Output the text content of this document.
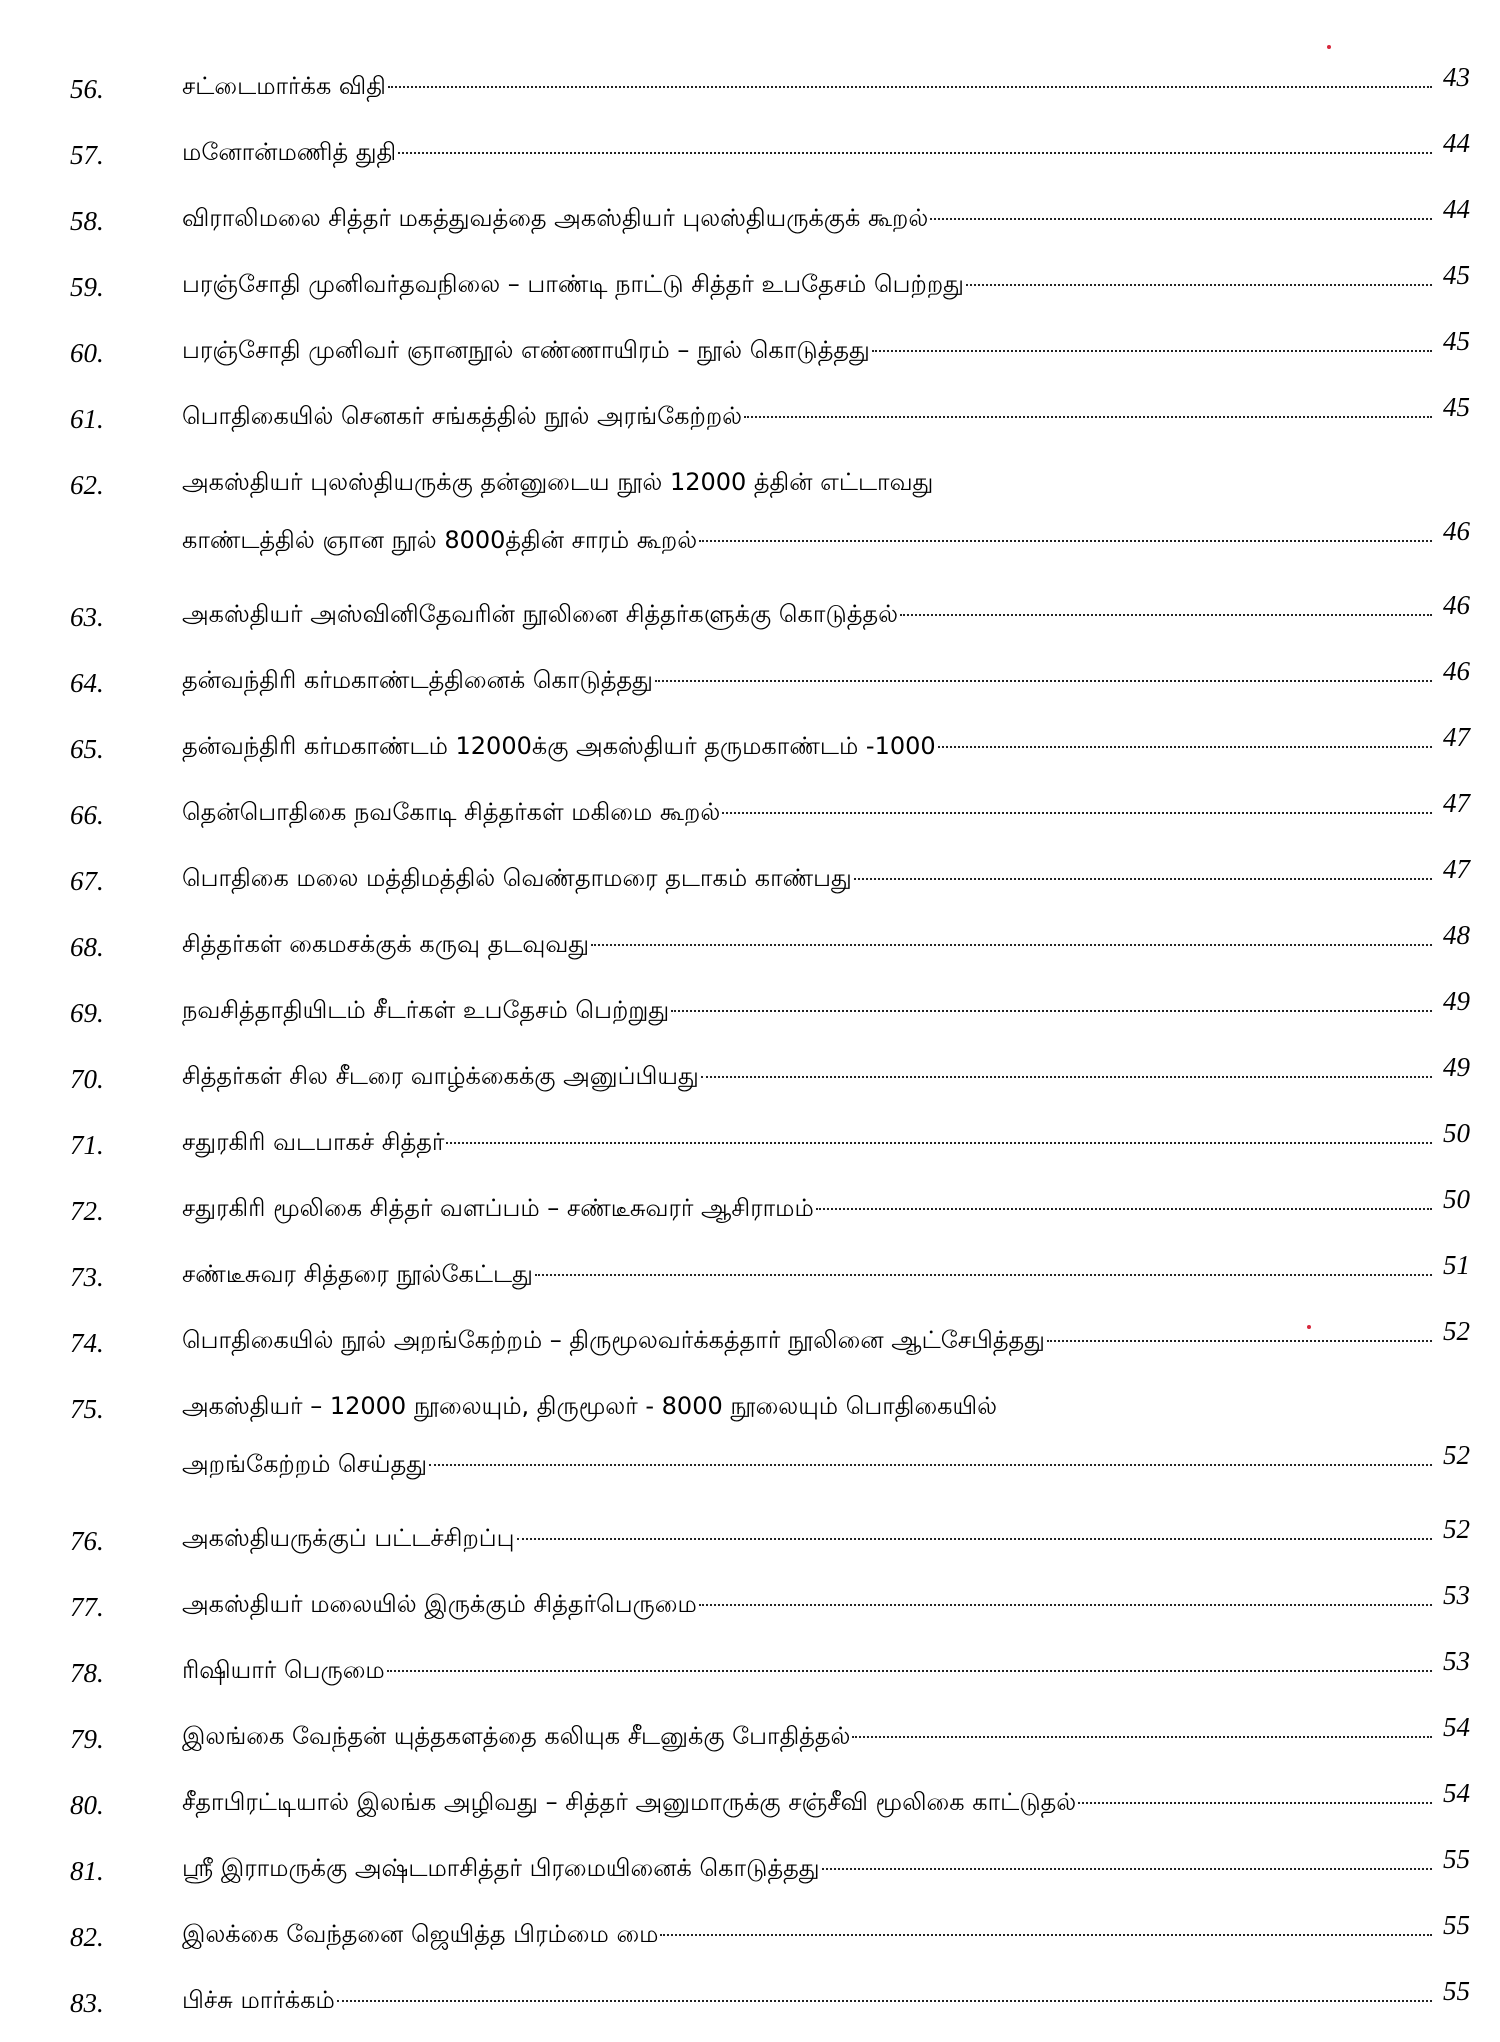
56.	சட்டைமார்க்க விதி	43
57.	மனோன்மணித் துதி	44
58.	விராலிமலை சித்தர் மகத்துவத்தை அகஸ்தியர் புலஸ்தியருக்குக் கூறல்	44
59.	பரஞ்சோதி முனிவர்தவநிலை – பாண்டி நாட்டு சித்தர் உபதேசம் பெற்றது	45
60.	பரஞ்சோதி முனிவர் ஞானநூல் எண்ணாயிரம் – நூல் கொடுத்தது	45
61.	பொதிகையில் செனகர் சங்கத்தில் நூல் அரங்கேற்றல்	45
62.	அகஸ்தியர் புலஸ்தியருக்கு தன்னுடைய நூல் 12000 த்தின் எட்டாவது
காண்டத்தில் ஞான நூல் 8000த்தின் சாரம் கூறல்	46
63.	அகஸ்தியர் அஸ்வினிதேவரின் நூலினை சித்தர்களுக்கு கொடுத்தல்	46
64.	தன்வந்திரி கர்மகாண்டத்தினைக் கொடுத்தது	46
65.	தன்வந்திரி கர்மகாண்டம் 12000க்கு அகஸ்தியர் தருமகாண்டம் -1000	47
66.	தென்பொதிகை நவகோடி சித்தர்கள் மகிமை கூறல்	47
67.	பொதிகை மலை மத்திமத்தில் வெண்தாமரை தடாகம் காண்பது	47
68.	சித்தர்கள் கைமசக்குக் கருவு தடவுவது	48
69.	நவசித்தாதியிடம் சீடர்கள் உபதேசம் பெற்றுது	49
70.	சித்தர்கள் சில சீடரை வாழ்க்கைக்கு அனுப்பியது	49
71.	சதுரகிரி வடபாகச் சித்தர்	50
72.	சதுரகிரி மூலிகை சித்தர் வளப்பம் – சண்டீசுவரர் ஆசிராமம்	50
73.	சண்டீசுவர சித்தரை நூல்கேட்டது	51
74.	பொதிகையில் நூல் அறங்கேற்றம் – திருமூலவர்க்கத்தார் நூலினை ஆட்சேபித்தது	52
75.	அகஸ்தியர் – 12000 நூலையும், திருமூலர் - 8000 நூலையும் பொதிகையில்
அறங்கேற்றம் செய்தது	52
76.	அகஸ்தியருக்குப் பட்டச்சிறப்பு	52
77.	அகஸ்தியர் மலையில் இருக்கும் சித்தர்பெருமை	53
78.	ரிஷியார் பெருமை	53
79.	இலங்கை வேந்தன் யுத்தகளத்தை கலியுக சீடனுக்கு போதித்தல்	54
80.	சீதாபிரட்டியால் இலங்க அழிவது – சித்தர் அனுமாருக்கு சஞ்சீவி மூலிகை காட்டுதல்	54
81.	ஸ்ரீ இராமருக்கு அஷ்டமாசித்தர் பிரமையினைக் கொடுத்தது	55
82.	இலக்கை வேந்தனை ஜெயித்த பிரம்மை மை	55
83.	பிச்சு மார்க்கம்	55
